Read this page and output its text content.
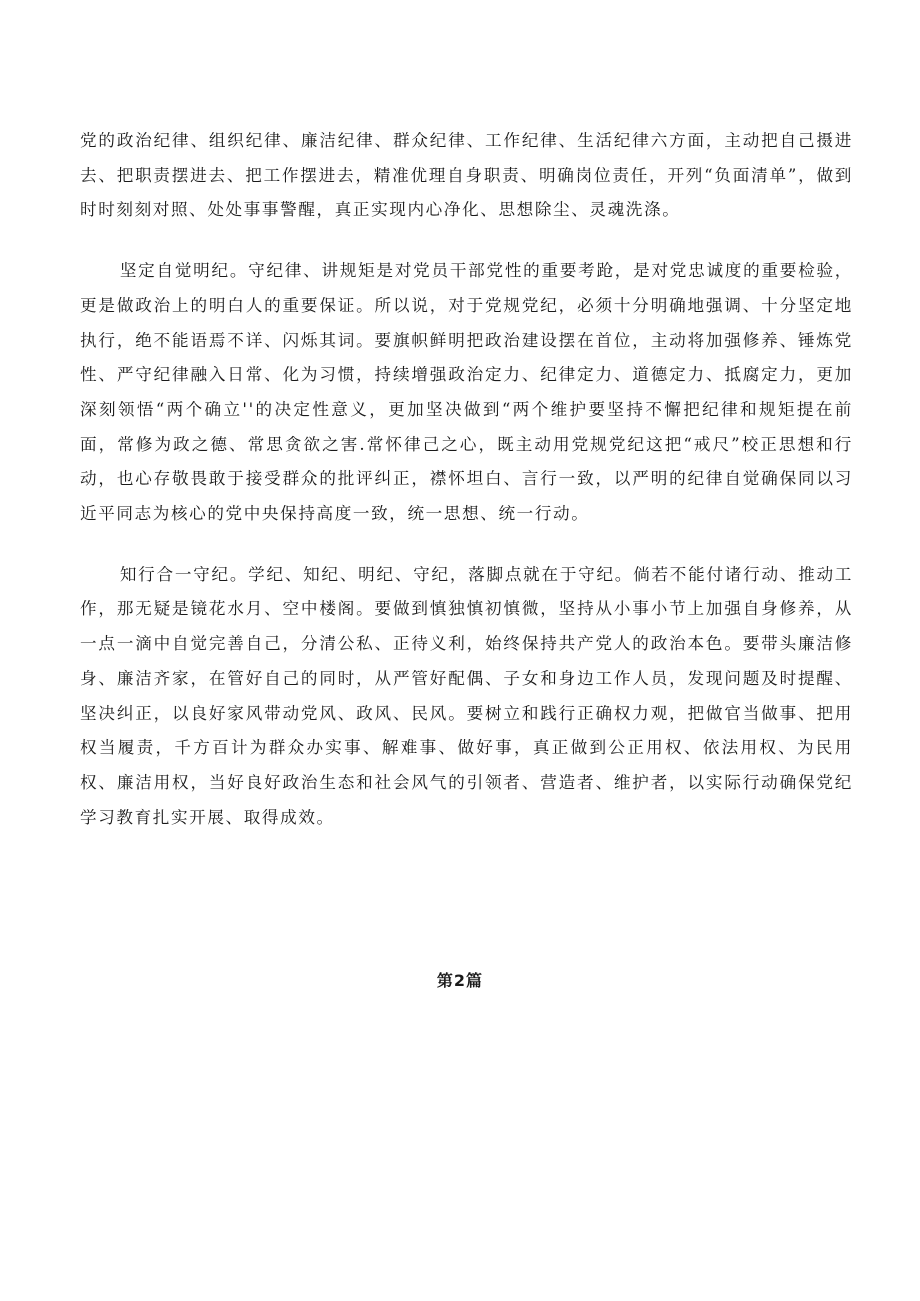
党的政治纪律、组织纪律、廉洁纪律、群众纪律、工作纪律、生活纪律六方面，主动把自己摄进去、把职责摆进去、把工作摆进去，精准优理自身职责、明确岗位责任，开列“负面清单”，做到时时刻刻对照、处处事事警醒，真正实现内心净化、思想除尘、灵魂洗涤。

坚定自觉明纪。守纪律、讲规矩是对党员干部党性的重要考跄，是对党忠诚度的重要检验，更是做政治上的明白人的重要保证。所以说，对于党规党纪，必须十分明确地强调、十分坚定地执行，绝不能语焉不详、闪烁其词。要旗帜鲜明把政治建设摆在首位，主动将加强修养、锤炼党性、严守纪律融入日常、化为习惯，持续增强政治定力、纪律定力、道德定力、抵腐定力，更加深刻领悟“两个确立''的决定性意义，更加坚决做到“两个维护要坚持不懈把纪律和规矩提在前面，常修为政之德、常思贪欲之害.常怀律己之心，既主动用党规党纪这把“戒尺”校正思想和行动，也心存敬畏敢于接受群众的批评纠正，襟怀坦白、言行一致，以严明的纪律自觉确保同以习近平同志为核心的党中央保持高度一致，统一思想、统一行动。

知行合一守纪。学纪、知纪、明纪、守纪，落脚点就在于守纪。倘若不能付诸行动、推动工作，那无疑是镜花水月、空中楼阁。要做到慎独慎初慎微，坚持从小事小节上加强自身修养，从一点一滴中自觉完善自己，分清公私、正待义利，始终保持共产党人的政治本色。要带头廉洁修身、廉洁齐家，在管好自己的同时，从严管好配偶、子女和身边工作人员，发现问题及时提醒、坚决纠正，以良好家风带动党风、政风、民风。要树立和践行正确权力观，把做官当做事、把用权当履责，千方百计为群众办实事、解难事、做好事，真正做到公正用权、依法用权、为民用权、廉洁用权，当好良好政治生态和社会风气的引领者、营造者、维护者，以实际行动确保党纪学习教育扎实开展、取得成效。

第2篇
